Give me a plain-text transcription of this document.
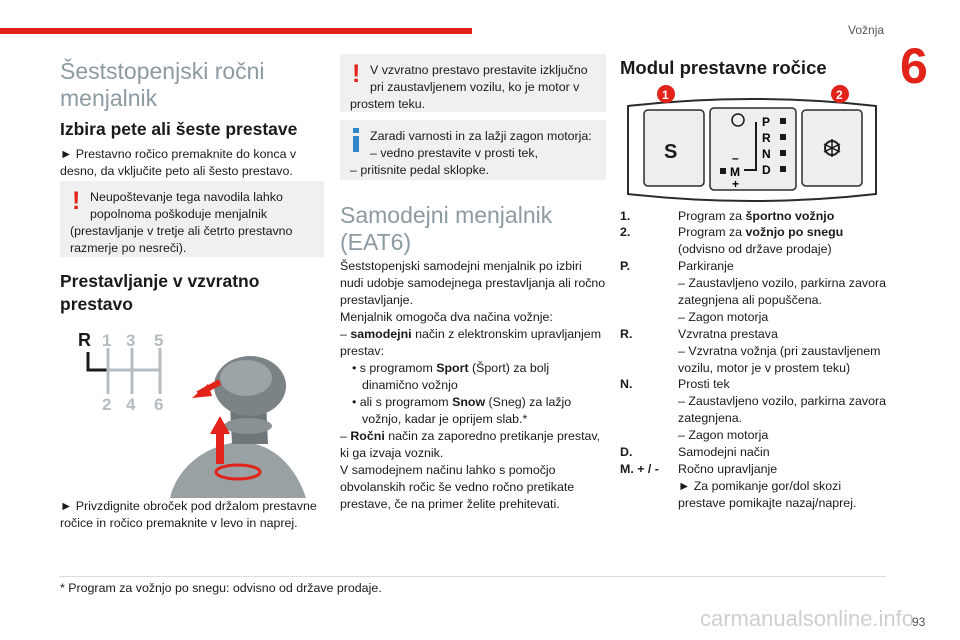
Vožnja
6
Šeststopenjski ročni
menjalnik
Izbira pete ali šeste prestave
► Prestavno ročico premaknite do konca v
desno, da vključite peto ali šesto prestavo.
! Neupoštevanje tega navodila lahko
popolnoma poškoduje menjalnik
(prestavljanje v tretje ali četrto prestavno
razmerje po nesreči).
Prestavljanje v vzvratno
prestavo
R 1 3 5
2 4 6
► Privzdignite obroček pod držalom prestavne
ročice in ročico premaknite v levo in naprej.
! V vzvratno prestavo prestavite izključno
pri zaustavljenem vozilu, ko je motor v
prostem teku.
Zaradi varnosti in za lažji zagon motorja:
– vedno prestavite v prosti tek,
– pritisnite pedal sklopke.
Samodejni menjalnik
(EAT6)
Šeststopenjski samodejni menjalnik po izbiri
nudi udobje samodejnega prestavljanja ali ročno
prestavljanje.
Menjalnik omogoča dva načina vožnje:
– samodejni način z elektronskim upravljanjem
prestav:
• s programom Sport (Šport) za bolj
dinamično vožnjo
• ali s programom Snow (Sneg) za lažjo
vožnjo, kadar je oprijem slab.*
– Ročni način za zaporedno pretikanje prestav,
ki ga izvaja voznik.
V samodejnem načinu lahko s pomočjo
obvolanskih ročic še vedno ročno pretikate
prestave, če na primer želite prehitevati.
Modul prestavne ročice
S
P
R
N
D
M
–
+
1	2
1.	Program za športno vožnjo
2.	Program za vožnjo po snegu
(odvisno od države prodaje)
P.	Parkiranje
– Zaustavljeno vozilo, parkirna zavora
zategnjena ali popuščena.
– Zagon motorja
R.	Vzvratna prestava
– Vzvratna vožnja (pri zaustavljenem
vozilu, motor je v prostem teku)
N.	Prosti tek
– Zaustavljeno vozilo, parkirna zavora
zategnjena.
– Zagon motorja
D.	Samodejni način
M. + / - Ročno upravljanje
► Za pomikanje gor/dol skozi
prestave pomikajte nazaj/naprej.
* Program za vožnjo po snegu: odvisno od države prodaje.
carmanualsonline.info
93
